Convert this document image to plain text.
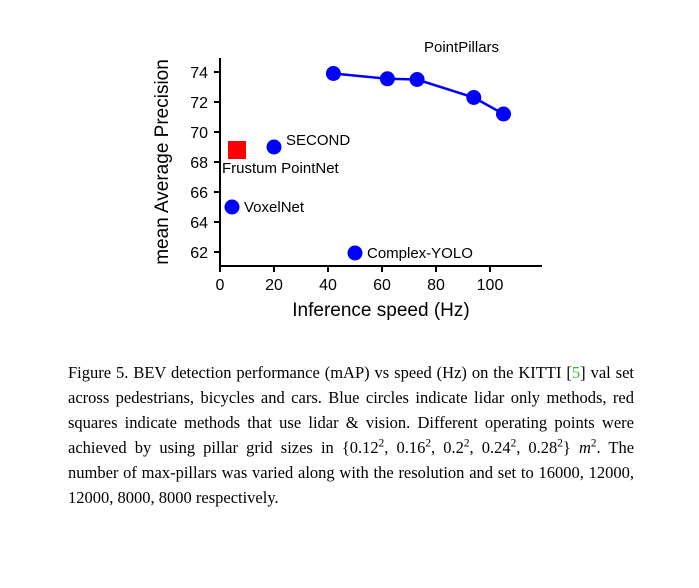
0	20 40 60 80 100
62
64
66
68
70
72
74
Inference speed (Hz)
mean Average Precision
PointPillars
SECOND
Frustum PointNet
VoxelNet
Complex-YOLO
Figure 5. BEV detection performance (mAP) vs speed (Hz) on the KITTI [5] val set across pedestrians, bicycles and cars. Blue circles indicate lidar only methods, red squares indicate methods that use lidar & vision. Different operating points were achieved by using pillar grid sizes in {0.12$^2$, 0.16$^2$, $0.2^2$, 0.24$^2$, 0.28$^2$} $m^2$. The number of max-pillars was varied along with the resolution and set to 16000, 12000, 12000, 8000, 8000 respectively.
